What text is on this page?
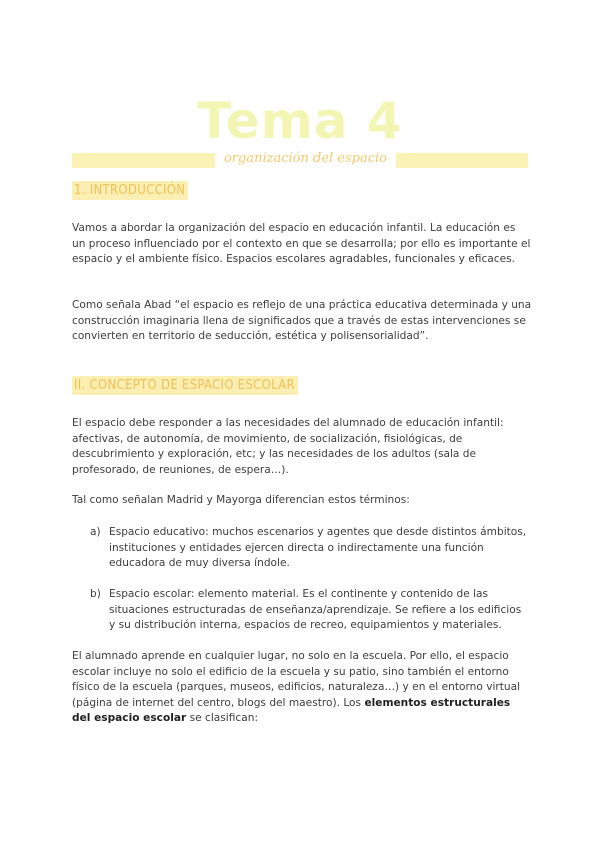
Tema 4
organización del espacio
1. INTRODUCCIÓN

Vamos a abordar la organización del espacio en educación infantil. La educación es un proceso influenciado por el contexto en que se desarrolla; por ello es importante el espacio y el ambiente físico. Espacios escolares agradables, funcionales y eficaces.

Como señala Abad “el espacio es reflejo de una práctica educativa determinada y una construcción imaginaria llena de significados que a través de estas intervenciones se convierten en territorio de seducción, estética y polisensorialidad”.

II. CONCEPTO DE ESPACIO ESCOLAR

El espacio debe responder a las necesidades del alumnado de educación infantil: afectivas, de autonomía, de movimiento, de socialización, fisiológicas, de descubrimiento y exploración, etc; y las necesidades de los adultos (sala de profesorado, de reuniones, de espera…).

Tal como señalan Madrid y Mayorga diferencian estos términos:

a) Espacio educativo: muchos escenarios y agentes que desde distintos ámbitos, instituciones y entidades ejercen directa o indirectamente una función educadora de muy diversa índole.
b) Espacio escolar: elemento material. Es el continente y contenido de las situaciones estructuradas de enseñanza/aprendizaje. Se refiere a los edificios y su distribución interna, espacios de recreo, equipamientos y materiales.

El alumnado aprende en cualquier lugar, no solo en la escuela. Por ello, el espacio escolar incluye no solo el edificio de la escuela y su patio, sino también el entorno físico de la escuela (parques, museos, edificios, naturaleza…) y en el entorno virtual (página de internet del centro, blogs del maestro). Los elementos estructurales del espacio escolar se clasifican:
